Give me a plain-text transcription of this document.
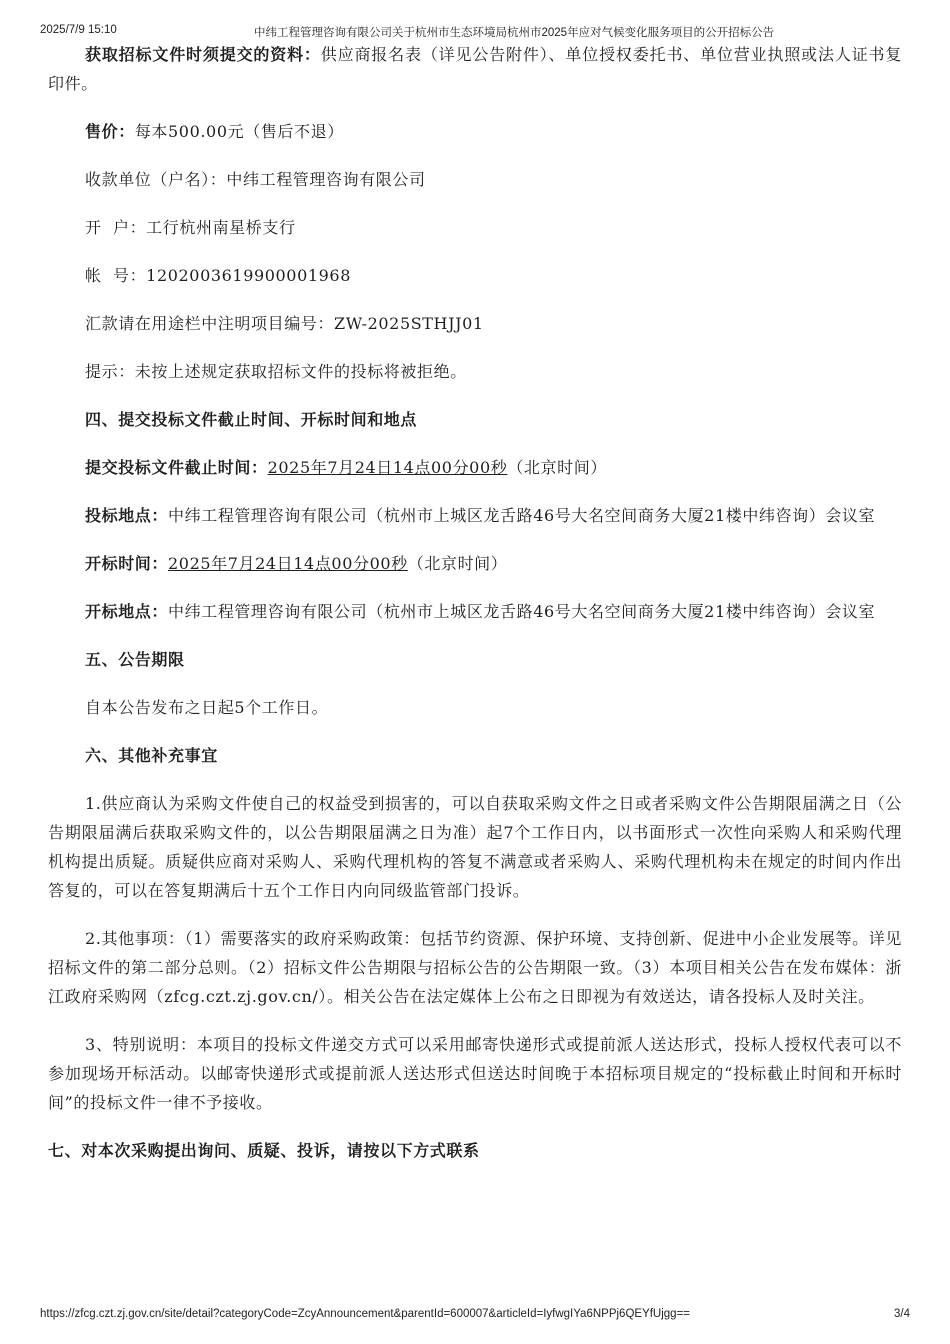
2025/7/9 15:10	中纬工程管理咨询有限公司关于杭州市生态环境局杭州市2025年应对气候变化服务项目的公开招标公告

获取招标文件时须提交的资料：供应商报名表（详见公告附件）、单位授权委托书、单位营业执照或法人证书复印件。

售价：每本500.00元（售后不退）

收款单位（户名）：中纬工程管理咨询有限公司

开  户：工行杭州南星桥支行

帐  号：1202003619900001968

汇款请在用途栏中注明项目编号：ZW-2025STHJJ01

提示：未按上述规定获取招标文件的投标将被拒绝。

四、提交投标文件截止时间、开标时间和地点

提交投标文件截止时间：2025年7月24日14点00分00秒（北京时间）

投标地点：中纬工程管理咨询有限公司（杭州市上城区龙舌路46号大名空间商务大厦21楼中纬咨询）会议室

开标时间：2025年7月24日14点00分00秒（北京时间）

开标地点：中纬工程管理咨询有限公司（杭州市上城区龙舌路46号大名空间商务大厦21楼中纬咨询）会议室

五、公告期限

自本公告发布之日起5个工作日。

六、其他补充事宜

1.供应商认为采购文件使自己的权益受到损害的，可以自获取采购文件之日或者采购文件公告期限届满之日（公告期限届满后获取采购文件的，以公告期限届满之日为准）起7个工作日内，以书面形式一次性向采购人和采购代理机构提出质疑。质疑供应商对采购人、采购代理机构的答复不满意或者采购人、采购代理机构未在规定的时间内作出答复的，可以在答复期满后十五个工作日内向同级监管部门投诉。

2.其他事项：（1）需要落实的政府采购政策：包括节约资源、保护环境、支持创新、促进中小企业发展等。详见招标文件的第二部分总则。（2）招标文件公告期限与招标公告的公告期限一致。（3）本项目相关公告在发布媒体：浙江政府采购网（zfcg.czt.zj.gov.cn/）。相关公告在法定媒体上公布之日即视为有效送达，请各投标人及时关注。

3、特别说明：本项目的投标文件递交方式可以采用邮寄快递形式或提前派人送达形式，投标人授权代表可以不参加现场开标活动。以邮寄快递形式或提前派人送达形式但送达时间晚于本招标项目规定的“投标截止时间和开标时间”的投标文件一律不予接收。

七、对本次采购提出询问、质疑、投诉，请按以下方式联系

https://zfcg.czt.zj.gov.cn/site/detail?categoryCode=ZcyAnnouncement&parentId=600007&articleId=IyfwgIYa6NPPj6QEYfUjgg==	3/4
